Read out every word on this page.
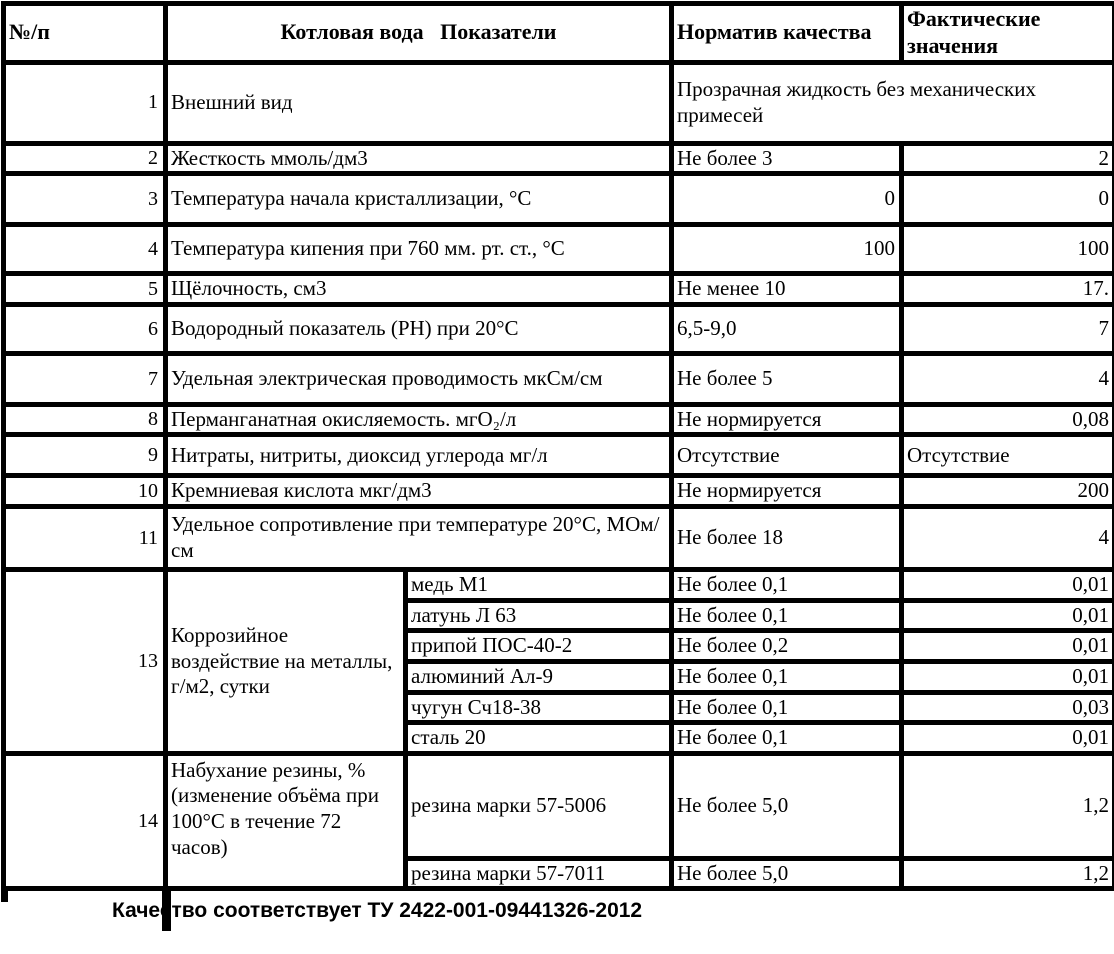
№/п	Котловая вода   Показатели		Норматив качества	Фактические значения
1	Внешний вид		Прозрачная жидкость без механических примесей	
2	Жесткость ммоль/дм3		Не более 3	2
3	Температура начала кристаллизации, °С		0	0
4	Температура кипения при 760 мм. рт. ст., °С		100	100
5	Щёлочность, см3		Не менее 10	17.
6	Водородный показатель (РН) при 20°С		6,5-9,0	7
7	Удельная электрическая проводимость мкСм/см		Не более 5	4
8	Перманганатная окисляемость. мгО₂/л		Не нормируется	0,08
9	Нитраты, нитриты, диоксид углерода мг/л		Отсутствие	Отсутствие
10	Кремниевая кислота мкг/дм3		Не нормируется	200
11	Удельное сопротивление при температуре 20°С, МОм/см		Не более 18	4
13	Коррозийное воздействие на металлы, г/м2, сутки	медь М1	Не более 0,1	0,01
		латунь Л 63	Не более 0,1	0,01
		припой ПОС-40-2	Не более 0,2	0,01
		алюминий Ал-9	Не более 0,1	0,01
		чугун Сч18-38	Не более 0,1	0,03
		сталь 20	Не более 0,1	0,01
14	Набухание резины, % (изменение объёма при 100°С в течение 72 часов)	резина марки 57-5006	Не более 5,0	1,2
		резина марки 57-7011	Не более 5,0	1,2
Качество соответствует ТУ 2422-001-09441326-2012
